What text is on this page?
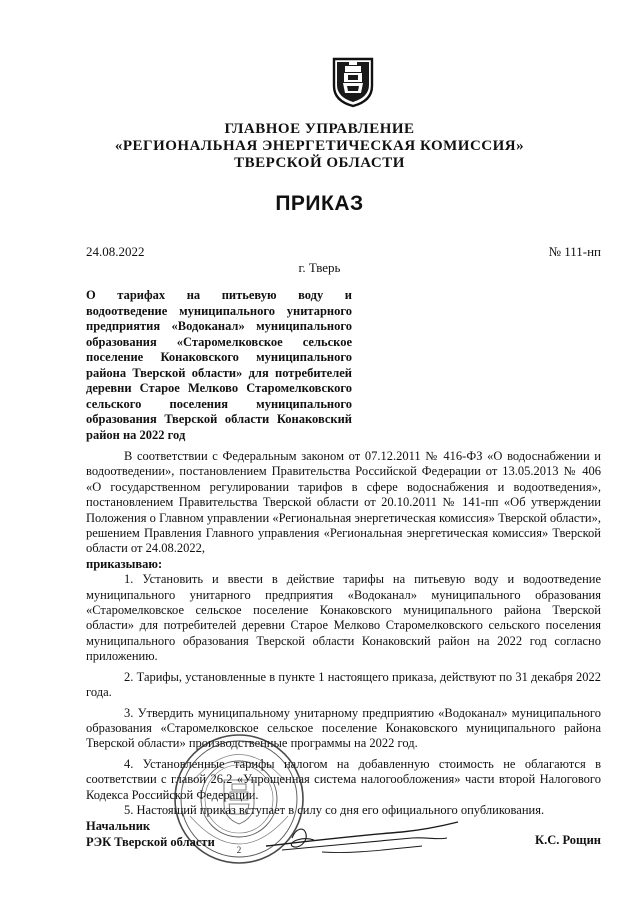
ГЛАВНОЕ УПРАВЛЕНИЕ
«РЕГИОНАЛЬНАЯ ЭНЕРГЕТИЧЕСКАЯ КОМИССИЯ»
ТВЕРСКОЙ ОБЛАСТИ
ПРИКАЗ
24.08.2022	№ 111-нп
г. Тверь
О тарифах на питьевую воду и
водоотведение муниципального унитарного
предприятия «Водоканал» муниципального
образования «Старомелковское сельское
поселение Конаковского муниципального
района Тверской области» для потребителей
деревни Старое Мелково Старомелковского
сельского поселения муниципального
образования Тверской области Конаковский
район на 2022 год

В соответствии с Федеральным законом от 07.12.2011 № 416-ФЗ «О водоснабжении и водоотведении», постановлением Правительства Российской Федерации от 13.05.2013 № 406 «О государственном регулировании тарифов в сфере водоснабжения и водоотведения», постановлением Правительства Тверской области от 20.10.2011 № 141-пп «Об утверждении Положения о Главном управлении «Региональная энергетическая комиссия» Тверской области», решением Правления Главного управления «Региональная энергетическая комиссия» Тверской области от 24.08.2022,

приказываю:

1. Установить и ввести в действие тарифы на питьевую воду и водоотведение муниципального унитарного предприятия «Водоканал» муниципального образования «Старомелковское сельское поселение Конаковского муниципального района Тверской области» для потребителей деревни Старое Мелково Старомелковского сельского поселения муниципального образования Тверской области Конаковский район на 2022 год согласно приложению.

2. Тарифы, установленные в пункте 1 настоящего приказа, действуют по 31 декабря 2022 года.

3. Утвердить муниципальному унитарному предприятию «Водоканал» муниципального образования «Старомелковское сельское поселение Конаковского муниципального района Тверской области» производственные программы на 2022 год.

4. Установленные тарифы налогом на добавленную стоимость не облагаются в соответствии с главой 26.2 «Упрощенная система налогообложения» части второй Налогового Кодекса Российской Федерации.

5. Настоящий приказ вступает в силу со дня его официального опубликования.

2
Начальник
РЭК Тверской области	К.С. Рощин
